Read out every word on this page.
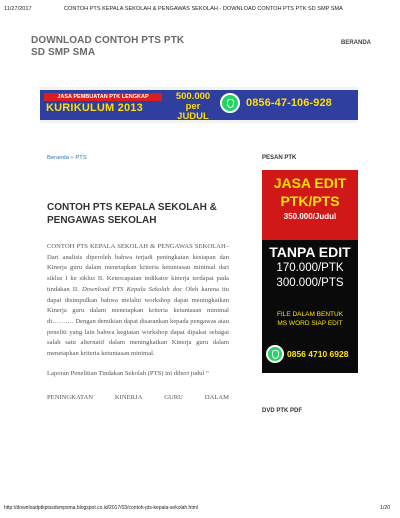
11/27/2017	CONTOH PTS KEPALA SEKOLAH & PENGAWAS SEKOLAH - DOWNLOAD CONTOH PTS PTK SD SMP SMA
DOWNLOAD CONTOH PTS PTK SD SMP SMA
BERANDA
JASA PEMBUATAN PTK LENGKAP
KURIKULUM 2013
500.000
per JUDUL
0856-47-106-928
Beranda » PTS
CONTOH PTS KEPALA SEKOLAH & PENGAWAS SEKOLAH

CONTOH PTS KEPALA SEKOLAH & PENGAWAS SEKOLAH–Dari analisis diperoleh bahwa terjadi peningkatan kesiapan dan Kinerja guru dalam menetapkan kriteria ketuntasan minimal dari siklus I ke siklus II. Ketercapaian indikator kinerja terdapat pada tindakan II. Download PTS Kepala Sekolah doc Oleh karena itu dapat disimpulkan bahwa melalui workshop dapat meningkatkan Kinerja guru dalam menetapkan kriteria ketuntasan minimal di………. Dengan demikian dapat disarankan kepada pengawas atau peneliti yang lain bahwa kegiatan workshop dapat dipakai sebagai salah satu alternatif dalam meningkatkan Kinerja guru dalam menetapkan kriteria ketuntasan minimal.

Laporan Penelitian Tindakan Sekolah (PTS) ini diberi judul “

PENINGKATAN	KINERJA	GURU	DALAM
PESAN PTK
JASA EDIT
PTK/PTS
350.000/Judul
TANPA EDIT
170.000/PTK
300.000/PTS
FILE DALAM BENTUK
MS WORD SIAP EDIT
0856 4710 6928
DVD PTK PDF
http://downloadptkptssdsmpsma.blogspot.co.id/2017/03/contoh-pts-kepala-sekolah.html	1/20
